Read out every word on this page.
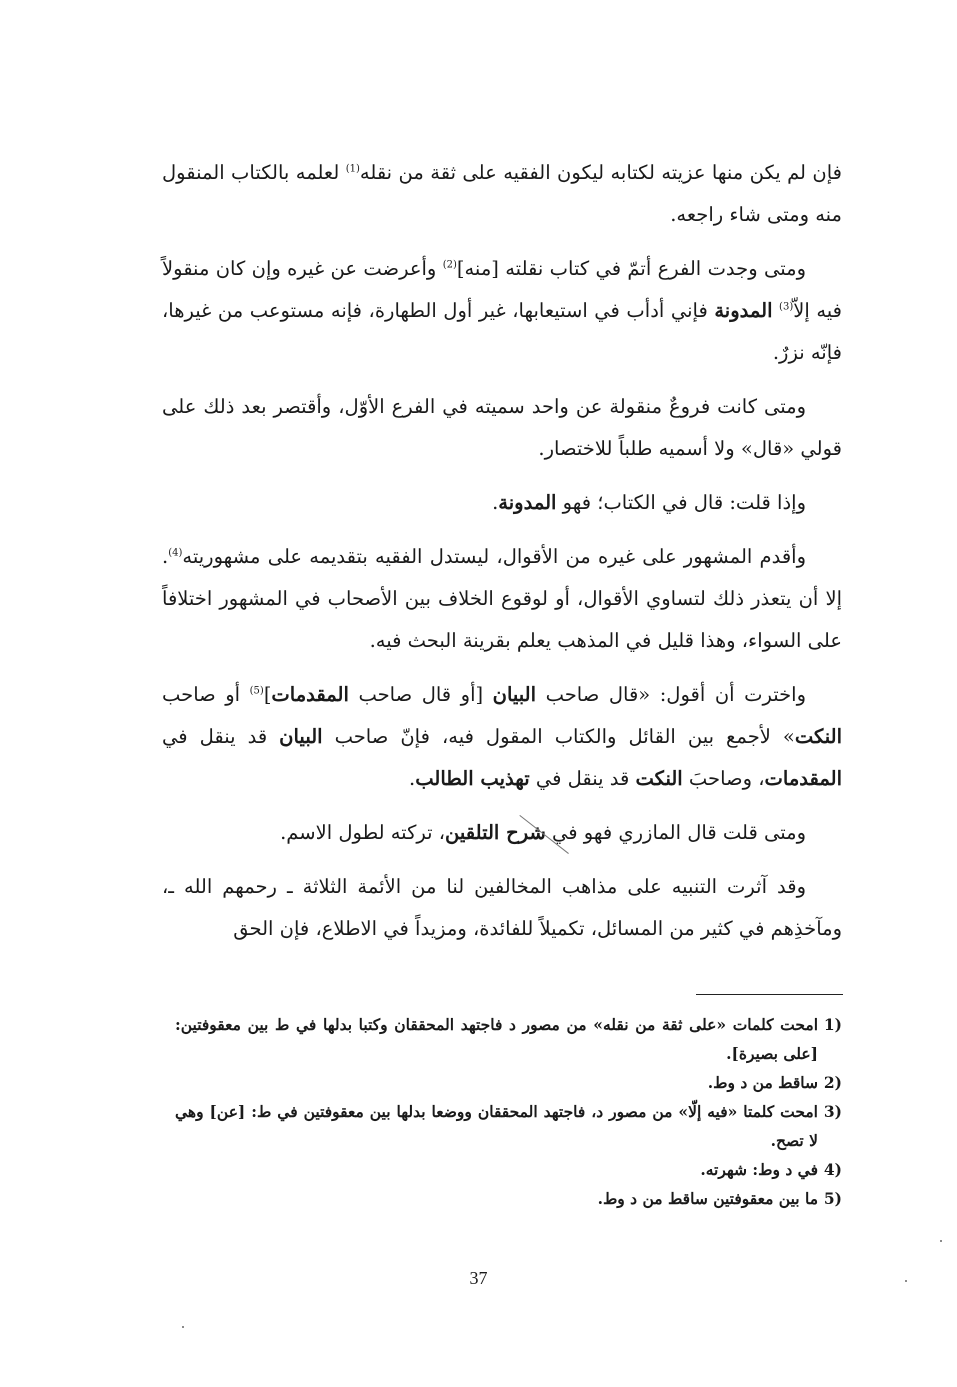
فإن لم يكن منها عزيته لكتابه ليكون الفقيه على ثقة من نقله$^{(1)}$ لعلمه بالكتاب المنقول منه ومتى شاء راجعه.

ومتى وجدت الفرع أتمّ في كتاب نقلته [منه]$^{(2)}$ وأعرضت عن غيره وإن كان منقولاً فيه إلاّ$^{(3)}$ المدونة فإني أدأب في استيعابها، غير أول الطهارة، فإنه مستوعب من غيرها، فإنّه نزرٌ.

ومتى كانت فروعٌ منقولة عن واحد سميته في الفرع الأوّل، وأقتصر بعد ذلك على قولي «قال» ولا أسميه طلباً للاختصار.

وإذا قلت: قال في الكتاب؛ فهو المدونة.

وأقدم المشهور على غيره من الأقوال، ليستدل الفقيه بتقديمه على مشهوريته$^{(4)}$. إلا أن يتعذر ذلك لتساوي الأقوال، أو لوقوع الخلاف بين الأصحاب في المشهور اختلافاً على السواء، وهذا قليل في المذهب يعلم بقرينة البحث فيه.

واخترت أن أقول: «قال صاحب البيان [أو قال صاحب المقدمات]$^{(5)}$ أو صاحب النكت» لأجمع بين القائل والكتاب المقول فيه، فإنّ صاحب البيان قد ينقل في المقدمات، وصاحبَ النكت قد ينقل في تهذيب الطالب.

ومتى قلت قال المازري فهو في شرح التلقين، تركته لطول الاسم.

وقد آثرت التنبيه على مذاهب المخالفين لنا من الأئمة الثلاثة ـ رحمهم الله ـ، ومآخذِهم في كثير من المسائل، تكميلاً للفائدة، ومزيداً في الاطلاع، فإن الحق

1)
امحت كلمات «على ثقة من نقله» من مصور د فاجتهد المحققان وكتبا بدلها في ط بين معقوفتين: [على بصيرة].
2)
ساقط من د وط.
3)
امحت كلمتا «فيه إلّا» من مصور د، فاجتهد المحققان ووضعا بدلها بين معقوفتين في ط: [عن] وهي لا تصح.
4)
في د وط: شهرته.
5)
ما بين معقوفتين ساقط من د وط.
37
